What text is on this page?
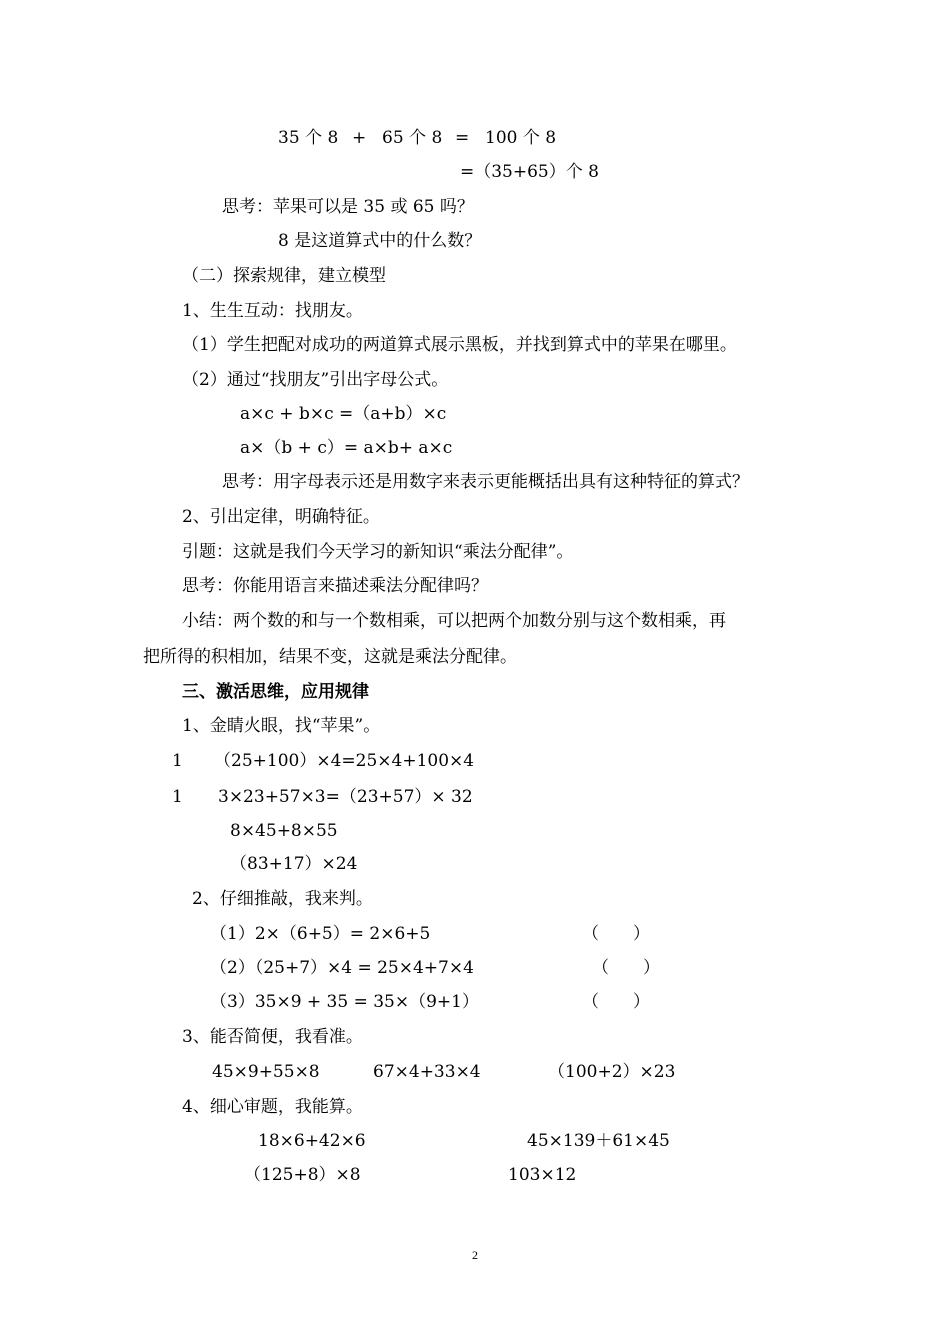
35 个 8 + 65 个 8 = 100 个 8

=（35+65）个 8

思考：苹果可以是 35 或 65 吗？

8 是这道算式中的什么数？

（二）探索规律，建立模型

1、生生互动：找朋友。

（1）学生把配对成功的两道算式展示黑板，并找到算式中的苹果在哪里。

（2）通过“找朋友”引出字母公式。

a×c + b×c =（a+b）×c

a×（b + c）= a×b+ a×c

思考：用字母表示还是用数字来表示更能概括出具有这种特征的算式？

2、引出定律，明确特征。

引题：这就是我们今天学习的新知识“乘法分配律”。

思考：你能用语言来描述乘法分配律吗？

小结：两个数的和与一个数相乘，可以把两个加数分别与这个数相乘，再

把所得的积相加，结果不变，这就是乘法分配律。

三、激活思维，应用规律

1、金睛火眼，找“苹果”。

1 （25+100）×4=25×4+100×4

1 3×23+57×3=（23+57）× 32

8×45+8×55

（83+17）×24

2、仔细推敲，我来判。

（1）2×（6+5）= 2×6+5	（　　）

（2）（25+7）×4 = 25×4+7×4	（　　）

（3）35×9 + 35 = 35×（9+1）	（　　）

3、能否简便，我看准。

45×9+55×8	67×4+33×4	（100+2）×23

4、细心审题，我能算。

18×6+42×6	45×139＋61×45

（125+8）×8	103×12

2
